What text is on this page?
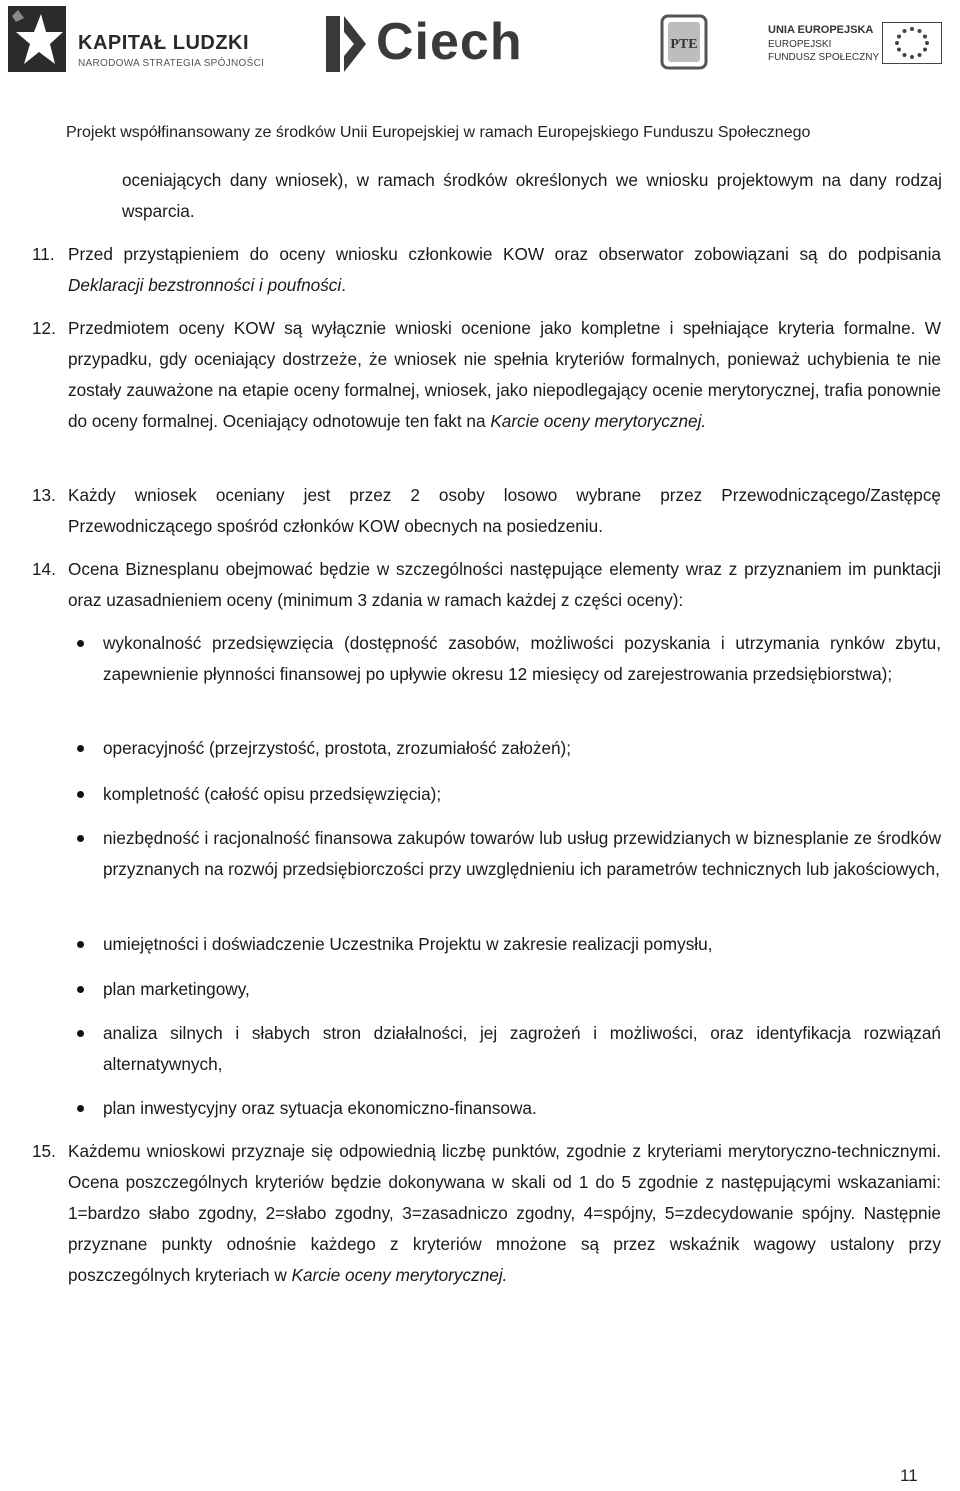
KAPITAŁ LUDZKI
NARODOWA STRATEGIA SPÓJNOŚCI Ciech	PTE
UNIA EUROPEJSKA
EUROPEJSKI
FUNDUSZ SPOŁECZNY
Projekt współfinansowany ze środków Unii Europejskiej w ramach Europejskiego Funduszu Społecznego
oceniających dany wniosek), w ramach środków określonych we wniosku projektowym na dany rodzaj wsparcia.
11. Przed przystąpieniem do oceny wniosku członkowie KOW oraz obserwator zobowiązani są do podpisania Deklaracji bezstronności i poufności.
12. Przedmiotem oceny KOW są wyłącznie wnioski ocenione jako kompletne i spełniające kryteria formalne. W przypadku, gdy oceniający dostrzeże, że wniosek nie spełnia kryteriów formalnych, ponieważ uchybienia te nie zostały zauważone na etapie oceny formalnej, wniosek, jako niepodlegający ocenie merytorycznej, trafia ponownie do oceny formalnej. Oceniający odnotowuje ten fakt na Karcie oceny merytorycznej.
13. Każdy wniosek oceniany jest przez 2 osoby losowo wybrane przez Przewodniczącego/Zastępcę Przewodniczącego spośród członków KOW obecnych na posiedzeniu.
14. Ocena Biznesplanu obejmować będzie w szczególności następujące elementy wraz z przyznaniem im punktacji oraz uzasadnieniem oceny (minimum 3 zdania w ramach każdej z części oceny):
wykonalność przedsięwzięcia (dostępność zasobów, możliwości pozyskania i utrzymania rynków zbytu, zapewnienie płynności finansowej po upływie okresu 12 miesięcy od zarejestrowania przedsiębiorstwa);
operacyjność (przejrzystość, prostota, zrozumiałość założeń);
kompletność (całość opisu przedsięwzięcia);
niezbędność i racjonalność finansowa zakupów towarów lub usług przewidzianych w biznesplanie ze środków przyznanych na rozwój przedsiębiorczości przy uwzględnieniu ich parametrów technicznych lub jakościowych,
umiejętności i doświadczenie Uczestnika Projektu w zakresie realizacji pomysłu,
plan marketingowy,
analiza silnych i słabych stron działalności, jej zagrożeń i możliwości, oraz identyfikacja rozwiązań alternatywnych,
plan inwestycyjny oraz sytuacja ekonomiczno-finansowa.
15. Każdemu wnioskowi przyznaje się odpowiednią liczbę punktów, zgodnie z kryteriami merytoryczno-technicznymi. Ocena poszczególnych kryteriów będzie dokonywana w skali od 1 do 5 zgodnie z następującymi wskazaniami: 1=bardzo słabo zgodny, 2=słabo zgodny, 3=zasadniczo zgodny, 4=spójny, 5=zdecydowanie spójny. Następnie przyznane punkty odnośnie każdego z kryteriów mnożone są przez wskaźnik wagowy ustalony przy poszczególnych kryteriach w Karcie oceny merytorycznej.
11
